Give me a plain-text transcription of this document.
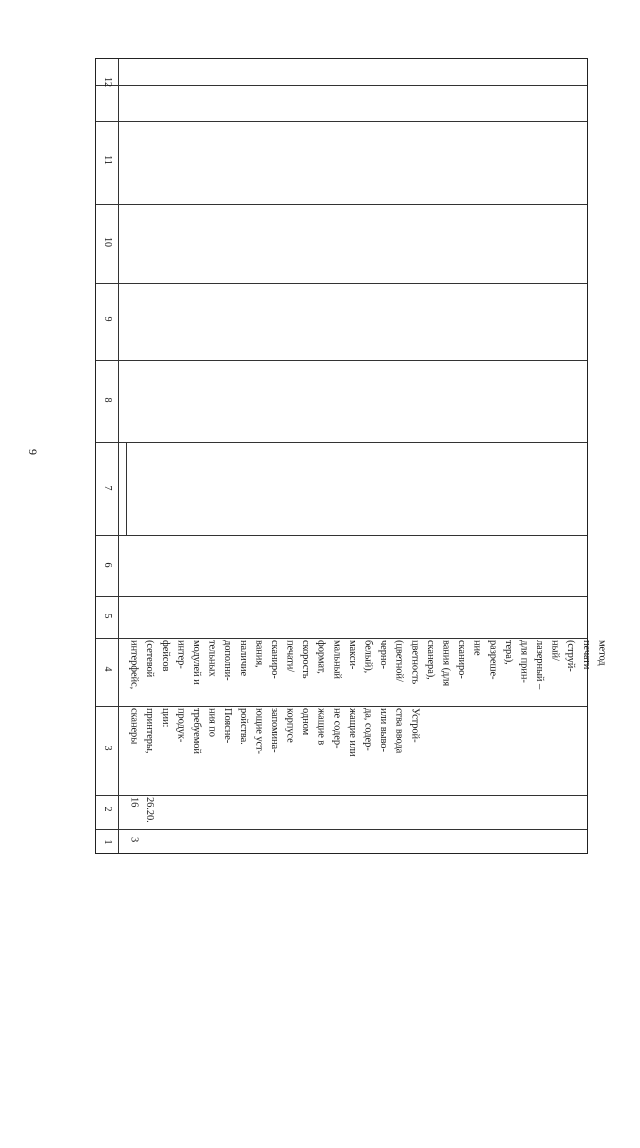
9
1
2
3
4
5
6
7
8
9
10
11
12
3
26.20.
16
Устрой-
ства ввода
или выво-
да, содер-
жащие или
не содер-
жащие в
одном
корпусе
запомина-
ющие уст-
ройства.
Поясне-
ния по
требуемой
продук-
ции:
принтеры,
сканеры
метод
печати
(струй-
ный/
лазерный –
для прин-
тера),
разреше-
ние
сканиро-
вания (для
сканера),
цветность
(цветной/
черно-
белый),
макси-
мальный
формат,
скорость
печати/
сканиро-
вания,
наличие
дополни-
тельных
модулей и
интер-
фейсов
(сетевой
интерфейс,
